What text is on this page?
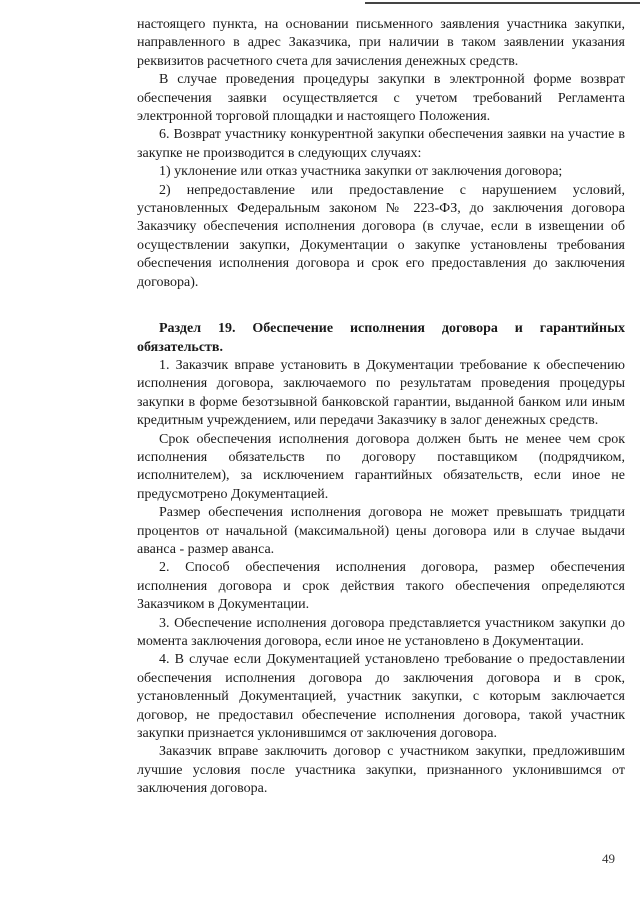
настоящего пункта, на основании письменного заявления участника закупки, направленного в адрес Заказчика, при наличии в таком заявлении указания реквизитов расчетного счета для зачисления денежных средств.

В случае проведения процедуры закупки в электронной форме возврат обеспечения заявки осуществляется с учетом требований Регламента электронной торговой площадки и настоящего Положения.

6. Возврат участнику конкурентной закупки обеспечения заявки на участие в закупке не производится в следующих случаях:

1) уклонение или отказ участника закупки от заключения договора;

2) непредоставление или предоставление с нарушением условий, установленных Федеральным законом № 223-ФЗ, до заключения договора Заказчику обеспечения исполнения договора (в случае, если в извещении об осуществлении закупки, Документации о закупке установлены требования обеспечения исполнения договора и срок его предоставления до заключения договора).

Раздел 19. Обеспечение исполнения договора и гарантийных обязательств.

1. Заказчик вправе установить в Документации требование к обеспечению исполнения договора, заключаемого по результатам проведения процедуры закупки в форме безотзывной банковской гарантии, выданной банком или иным кредитным учреждением, или передачи Заказчику в залог денежных средств.

Срок обеспечения исполнения договора должен быть не менее чем срок исполнения обязательств по договору поставщиком (подрядчиком, исполнителем), за исключением гарантийных обязательств, если иное не предусмотрено Документацией.

Размер обеспечения исполнения договора не может превышать тридцати процентов от начальной (максимальной) цены договора или в случае выдачи аванса - размер аванса.

2. Способ обеспечения исполнения договора, размер обеспечения исполнения договора и срок действия такого обеспечения определяются Заказчиком в Документации.

3. Обеспечение исполнения договора представляется участником закупки до момента заключения договора, если иное не установлено в Документации.

4. В случае если Документацией установлено требование о предоставлении обеспечения исполнения договора до заключения договора и в срок, установленный Документацией, участник закупки, с которым заключается договор, не предоставил обеспечение исполнения договора, такой участник закупки признается уклонившимся от заключения договора.

Заказчик вправе заключить договор с участником закупки, предложившим лучшие условия после участника закупки, признанного уклонившимся от заключения договора.

49
